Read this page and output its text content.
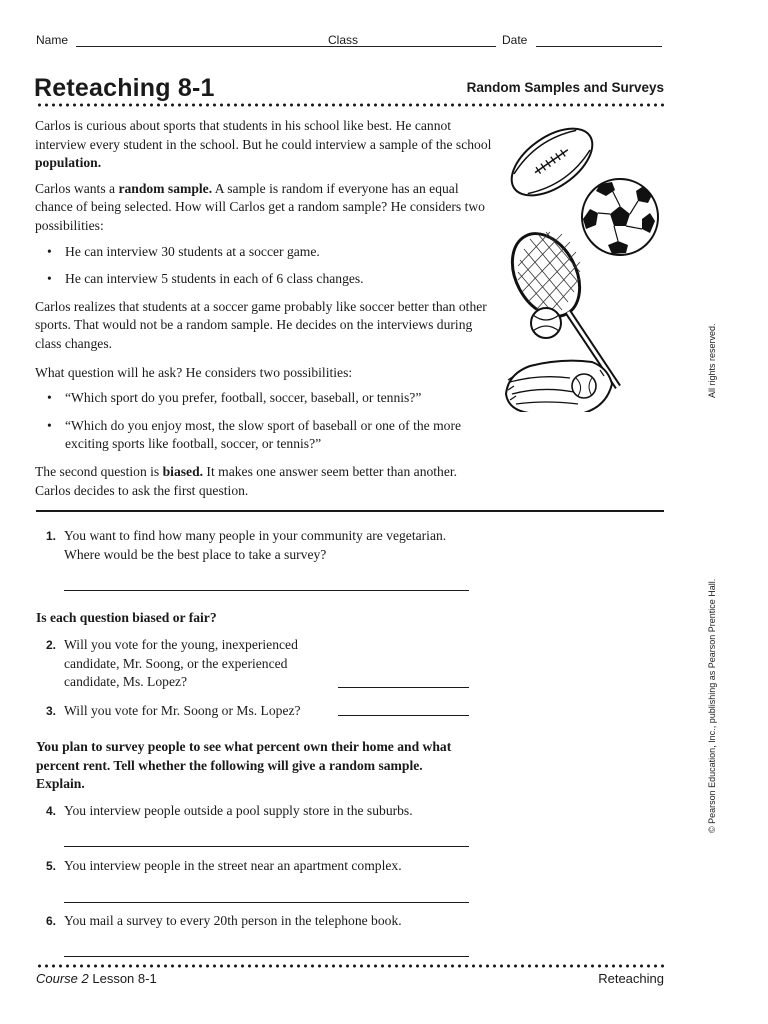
Name	Class	Date
Reteaching 8-1	Random Samples and Surveys

Carlos is curious about sports that students in his school like best. He cannot interview every student in the school. But he could interview a sample of the school population.

Carlos wants a random sample. A sample is random if everyone has an equal chance of being selected. How will Carlos get a random sample? He considers two possibilities:

• He can interview 30 students at a soccer game.
• He can interview 5 students in each of 6 class changes.

Carlos realizes that students at a soccer game probably like soccer better than other sports. That would not be a random sample. He decides on the interviews during class changes.

What question will he ask? He considers two possibilities:

• “Which sport do you prefer, football, soccer, baseball, or tennis?”
• “Which do you enjoy most, the slow sport of baseball or one of the more exciting sports like football, soccer, or tennis?”

The second question is biased. It makes one answer seem better than another. Carlos decides to ask the first question.

1. You want to find how many people in your community are vegetarian. Where would be the best place to take a survey?
Is each question biased or fair?
2. Will you vote for the young, inexperienced candidate, Mr. Soong, or the experienced candidate, Ms. Lopez?
3. Will you vote for Mr. Soong or Ms. Lopez?
You plan to survey people to see what percent own their home and what percent rent. Tell whether the following will give a random sample. Explain.
4. You interview people outside a pool supply store in the suburbs.
5. You interview people in the street near an apartment complex.
6. You mail a survey to every 20th person in the telephone book.
Course 2 Lesson 8-1	Reteaching
All rights reserved.
© Pearson Education, Inc., publishing as Pearson Prentice Hall.
